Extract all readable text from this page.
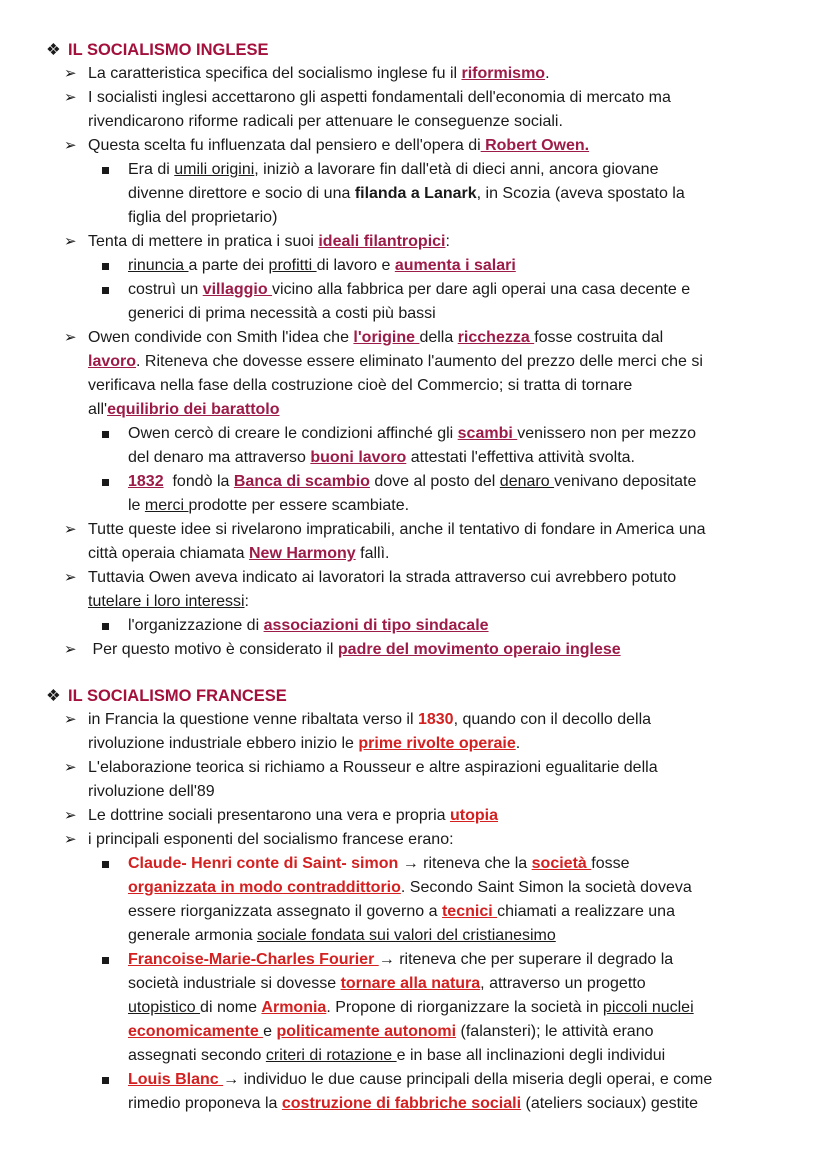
❖ IL SOCIALISMO INGLESE
➢ La caratteristica specifica del socialismo inglese fu il riformismo.
➢ I socialisti inglesi accettarono gli aspetti fondamentali dell'economia di mercato ma
rivendicarono riforme radicali per attenuare le conseguenze sociali.
➢ Questa scelta fu influenzata dal pensiero e dell'opera di Robert Owen.
Era di umili origini, iniziò a lavorare fin dall'età di dieci anni, ancora giovane
divenne direttore e socio di una filanda a Lanark, in Scozia (aveva spostato la
figlia del proprietario)
➢ Tenta di mettere in pratica i suoi ideali filantropici:
rinuncia a parte dei profitti di lavoro e aumenta i salari
costruì un villaggio vicino alla fabbrica per dare agli operai una casa decente e
generici di prima necessità a costi più bassi
➢ Owen condivide con Smith l'idea che l'origine della ricchezza fosse costruita dal
lavoro. Riteneva che dovesse essere eliminato l'aumento del prezzo delle merci che si
verificava nella fase della costruzione cioè del Commercio; si tratta di tornare
all'equilibrio dei barattolo
Owen cercò di creare le condizioni affinché gli scambi venissero non per mezzo
del denaro ma attraverso buoni lavoro attestati l'effettiva attività svolta.
1832  fondò la Banca di scambio dove al posto del denaro venivano depositate
le merci prodotte per essere scambiate.
➢ Tutte queste idee si rivelarono impraticabili, anche il tentativo di fondare in America una
città operaia chiamata New Harmony fallì.
➢ Tuttavia Owen aveva indicato ai lavoratori la strada attraverso cui avrebbero potuto
tutelare i loro interessi:
l'organizzazione di associazioni di tipo sindacale
➢ Per questo motivo è considerato il padre del movimento operaio inglese
❖ IL SOCIALISMO FRANCESE
➢ in Francia la questione venne ribaltata verso il 1830, quando con il decollo della
rivoluzione industriale ebbero inizio le prime rivolte operaie.
➢ L'elaborazione teorica si richiamo a Rousseur e altre aspirazioni egualitarie della
rivoluzione dell'89
➢ Le dottrine sociali presentarono una vera e propria utopia
➢ i principali esponenti del socialismo francese erano:
Claude- Henri conte di Saint- simon → riteneva che la società fosse
organizzata in modo contraddittorio. Secondo Saint Simon la società doveva
essere riorganizzata assegnato il governo a tecnici chiamati a realizzare una
generale armonia sociale fondata sui valori del cristianesimo
Francoise-Marie-Charles Fourier → riteneva che per superare il degrado la
società industriale si dovesse tornare alla natura, attraverso un progetto
utopistico di nome Armonia. Propone di riorganizzare la società in piccoli nuclei
economicamente e politicamente autonomi (falansteri); le attività erano
assegnati secondo criteri di rotazione e in base all inclinazioni degli individui
Louis Blanc → individuo le due cause principali della miseria degli operai, e come
rimedio proponeva la costruzione di fabbriche sociali (ateliers sociaux) gestite
